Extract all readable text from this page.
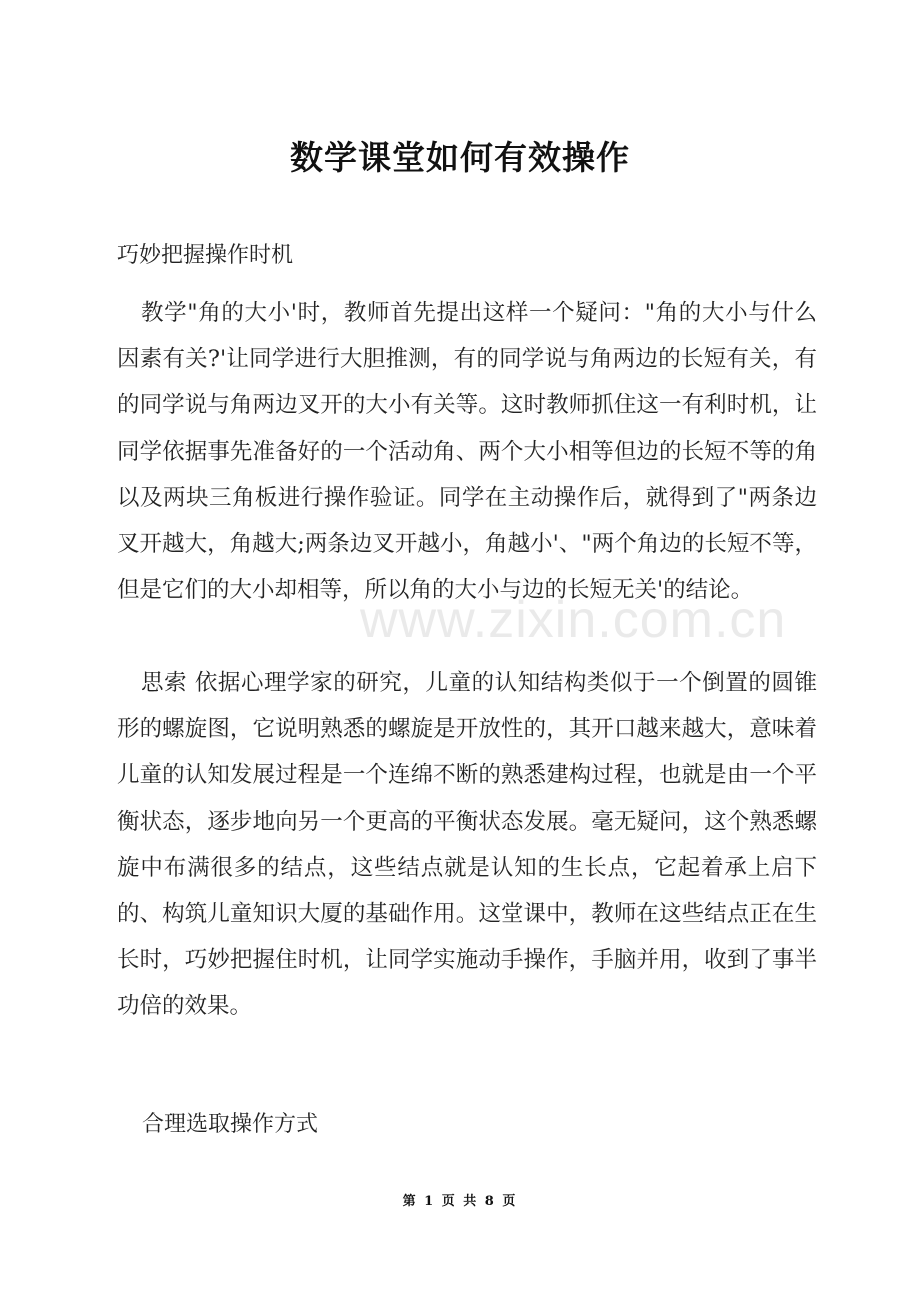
www.zixin.com.cn
数学课堂如何有效操作
巧妙把握操作时机

教学"角的大小'时，教师首先提出这样一个疑问："角的大小与什么因素有关?'让同学进行大胆推测，有的同学说与角两边的长短有关，有的同学说与角两边叉开的大小有关等。这时教师抓住这一有利时机，让同学依据事先准备好的一个活动角、两个大小相等但边的长短不等的角以及两块三角板进行操作验证。同学在主动操作后，就得到了"两条边叉开越大，角越大;两条边叉开越小，角越小'、"两个角边的长短不等，但是它们的大小却相等，所以角的大小与边的长短无关'的结论。

思索 依据心理学家的研究，儿童的认知结构类似于一个倒置的圆锥形的螺旋图，它说明熟悉的螺旋是开放性的，其开口越来越大，意味着儿童的认知发展过程是一个连绵不断的熟悉建构过程，也就是由一个平衡状态，逐步地向另一个更高的平衡状态发展。毫无疑问，这个熟悉螺旋中布满很多的结点，这些结点就是认知的生长点，它起着承上启下的、构筑儿童知识大厦的基础作用。这堂课中，教师在这些结点正在生长时，巧妙把握住时机，让同学实施动手操作，手脑并用，收到了事半功倍的效果。

合理选取操作方式
第 1 页 共 8 页
